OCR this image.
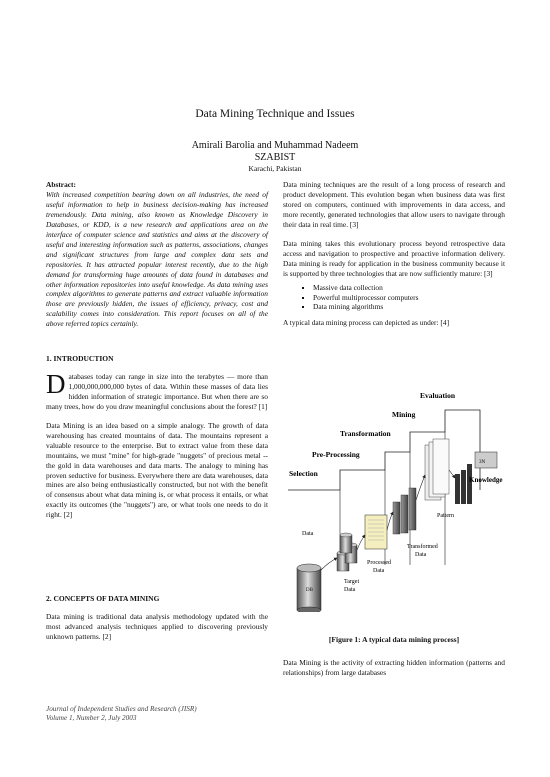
Data Mining Technique and Issues
Amirali Barolia and Muhammad Nadeem
SZABIST
Karachi, Pakistan
Abstract:
With increased competition bearing down on all industries, the need of useful information to help in business decision-making has increased tremendously. Data mining, also known as Knowledge Discovery in Databases, or KDD, is a new research and applications area on the interface of computer science and statistics and aims at the discovery of useful and interesting information such as patterns, associations, changes and significant structures from large and complex data sets and repositories. It has attracted popular interest recently, due to the high demand for transforming huge amounts of data found in databases and other information repositories into useful knowledge. As data mining uses complex algorithms to generate patterns and extract valuable information those are previously hidden, the issues of efficiency, privacy, cost and scalability comes into consideration. This report focuses on all of the above referred topics certainly.
1. INTRODUCTION
Databases today can range in size into the terabytes — more than 1,000,000,000,000 bytes of data. Within these masses of data lies hidden information of strategic importance. But when there are so many trees, how do you draw meaningful conclusions about the forest? [1]
Data Mining is an idea based on a simple analogy. The growth of data warehousing has created mountains of data. The mountains represent a valuable resource to the enterprise. But to extract value from these data mountains, we must "mine" for high-grade "nuggets" of precious metal -- the gold in data warehouses and data marts. The analogy to mining has proven seductive for business. Everywhere there are data warehouses, data mines are also being enthusiastically constructed, but not with the benefit of consensus about what data mining is, or what process it entails, or what exactly its outcomes (the "nuggets") are, or what tools one needs to do it right. [2]
2. CONCEPTS OF DATA MINING
Data mining is traditional data analysis methodology updated with the most advanced analysis techniques applied to discovering previously unknown patterns. [2]
Data mining techniques are the result of a long process of research and product development. This evolution began when business data was first stored on computers, continued with improvements in data access, and more recently, generated technologies that allow users to navigate through their data in real time. [3]
Data mining takes this evolutionary process beyond retrospective data access and navigation to prospective and proactive information delivery. Data mining is ready for application in the business community because it is supported by three technologies that are now sufficiently mature: [3]
▪ Massive data collection
▪ Powerful multiprocessor computers
▪ Data mining algorithms
A typical data mining process can depicted as under: [4]
Evaluation
Mining
Transformation
Pre-Processing
Selection
DB
Data
Target Data
Processed Data
Transformed Data
Pattern
3N
Knowledge
[Figure 1: A typical data mining process]
Data Mining is the activity of extracting hidden information (patterns and relationships) from large databases
Journal of Independent Studies and Research (JISR)
Volume 1, Number 2, July 2003
